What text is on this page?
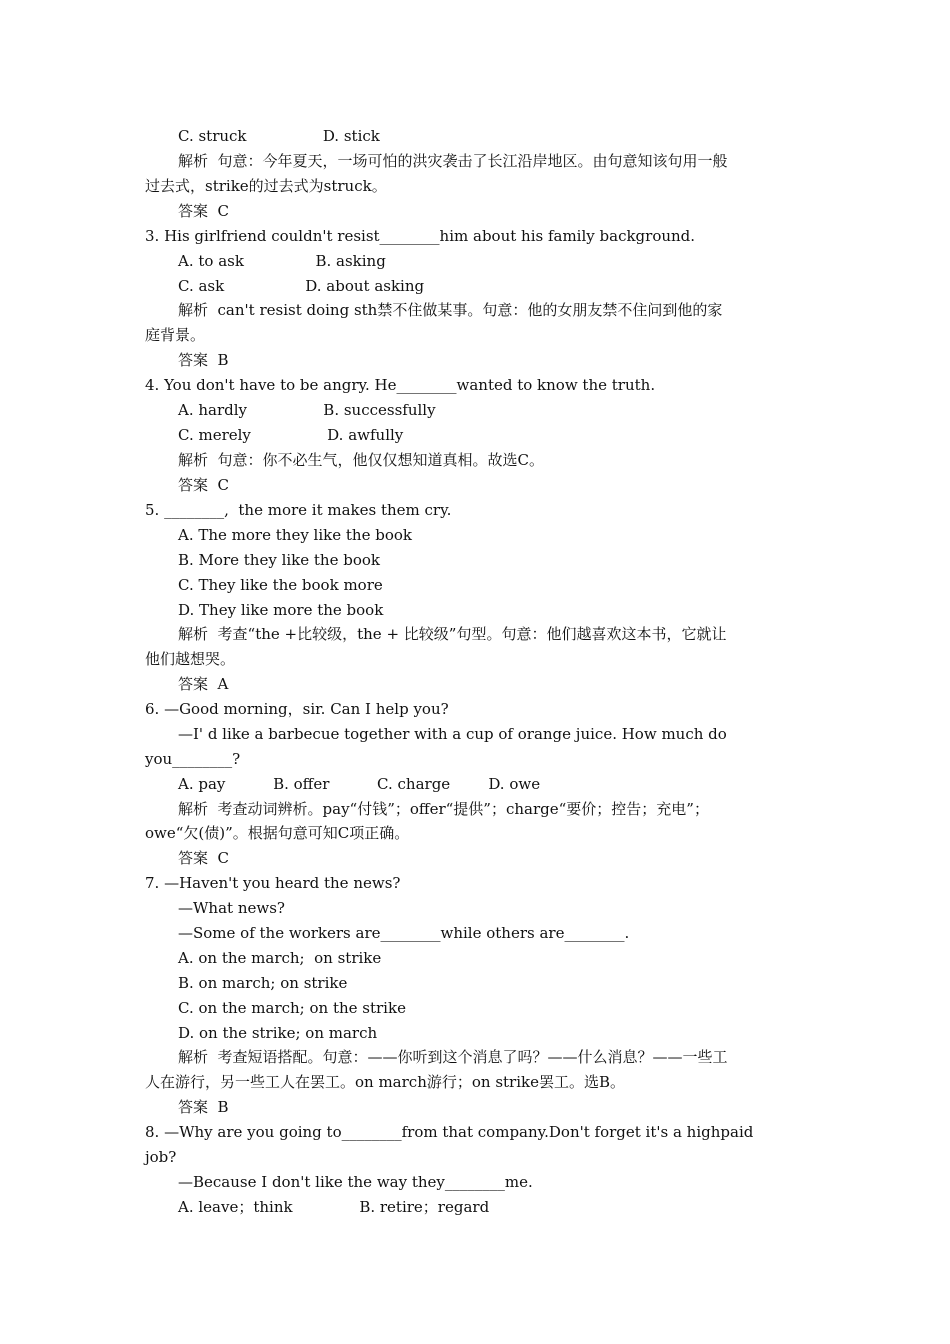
C. struck                D. stick
解析  句意：今年夏天，一场可怕的洪灾袭击了长江沿岸地区。由句意知该句用一般
过去式，strike的过去式为struck。
答案  C
3. His girlfriend couldn't resist________him about his family background.
A. to ask               B. asking
C. ask                 D. about asking
解析  can't resist doing sth禁不住做某事。句意：他的女朋友禁不住问到他的家
庭背景。
答案  B
4. You don't have to be angry. He________wanted to know the truth.
A. hardly                B. successfully
C. merely                D. awfully
解析  句意：你不必生气，他仅仅想知道真相。故选C。
答案  C
5. ________,  the more it makes them cry.
A. The more they like the book
B. More they like the book
C. They like the book more
D. They like more the book
解析  考查“the +比较级，the + 比较级”句型。句意：他们越喜欢这本书，它就让
他们越想哭。
答案  A
6. —Good morning，sir. Can I help you?
—I' d like a barbecue together with a cup of orange juice. How much do
you________?
A. pay          B. offer          C. charge        D. owe
解析  考查动词辨析。pay“付钱”；offer“提供”；charge“要价；控告；充电”；
owe“欠(债)”。根据句意可知C项正确。
答案  C
7. —Haven't you heard the news?
—What news?
—Some of the workers are________while others are________.
A. on the march;  on strike
B. on march; on strike
C. on the march; on the strike
D. on the strike; on march
解析  考查短语搭配。句意：——你听到这个消息了吗？——什么消息？——一些工
人在游行，另一些工人在罢工。on march游行；on strike罢工。选B。
答案  B
8. —Why are you going to________from that company.Don't forget it's a highpaid
job?
—Because I don't like the way they________me.
A. leave；think              B. retire；regard
